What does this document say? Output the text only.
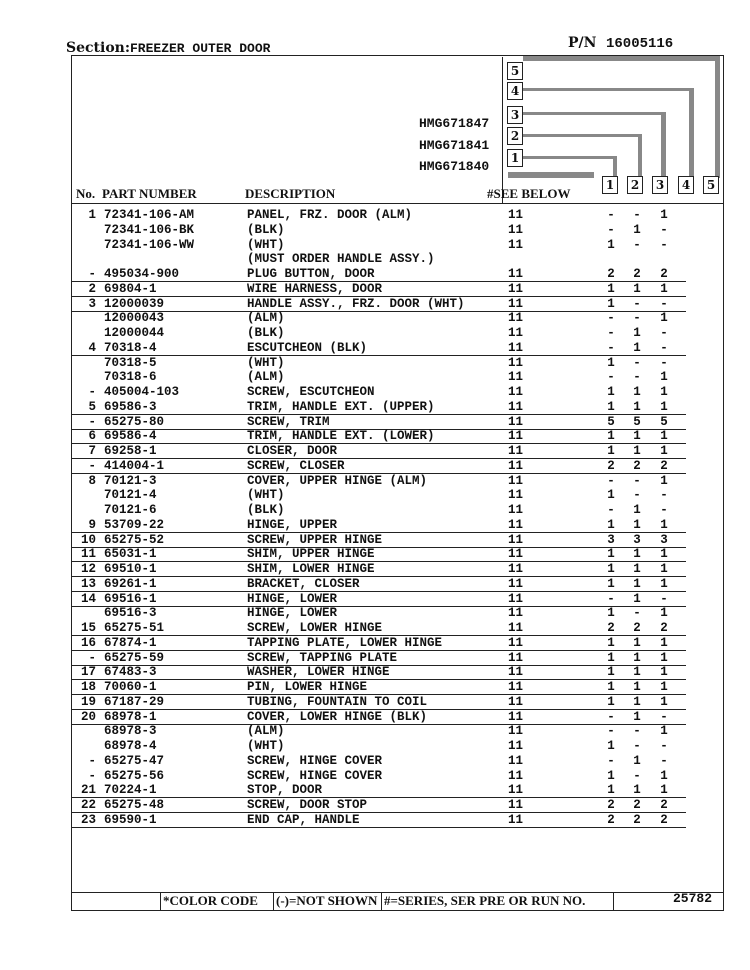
Section: FREEZER OUTER DOOR	P/N 16005116
5
4
3
2
1
HMG671847
HMG671841
HMG671840
No. PART NUMBER	DESCRIPTION	#SEE BELOW
1	2	3	4	5
1 72341-106-AM	PANEL, FRZ. DOOR (ALM)	11	- - 1
72341-106-BK	(BLK)	11	- 1 -
72341-106-WW	(WHT)	11	1 - -
(MUST ORDER HANDLE ASSY.)
- 495034-900	PLUG BUTTON, DOOR	11	2 2 2
2 69804-1	WIRE HARNESS, DOOR	11	1 1 1
3 12000039	HANDLE ASSY., FRZ. DOOR (WHT)	11	1 - -
12000043	(ALM)	11	- - 1
12000044	(BLK)	11	- 1 -
4 70318-4	ESCUTCHEON (BLK)	11	- 1 -
70318-5	(WHT)	11	1 - -
70318-6	(ALM)	11	- - 1
- 405004-103	SCREW, ESCUTCHEON	11	1 1 1
5 69586-3	TRIM, HANDLE EXT. (UPPER)	11	1 1 1
- 65275-80	SCREW, TRIM	11	5 5 5
6 69586-4	TRIM, HANDLE EXT. (LOWER)	11	1 1 1
7 69258-1	CLOSER, DOOR	11	1 1 1
- 414004-1	SCREW, CLOSER	11	2 2 2
8 70121-3	COVER, UPPER HINGE (ALM)	11	- - 1
70121-4	(WHT)	11	1 - -
70121-6	(BLK)	11	- 1 -
9 53709-22	HINGE, UPPER	11	1 1 1
10 65275-52	SCREW, UPPER HINGE	11	3 3 3
11 65031-1	SHIM, UPPER HINGE	11	1 1 1
12 69510-1	SHIM, LOWER HINGE	11	1 1 1
13 69261-1	BRACKET, CLOSER	11	1 1 1
14 69516-1	HINGE, LOWER	11	- 1 -
69516-3	HINGE, LOWER	11	1 - 1
15 65275-51	SCREW, LOWER HINGE	11	2 2 2
16 67874-1	TAPPING PLATE, LOWER HINGE	11	1 1 1
- 65275-59	SCREW, TAPPING PLATE	11	1 1 1
17 67483-3	WASHER, LOWER HINGE	11	1 1 1
18 70060-1	PIN, LOWER HINGE	11	1 1 1
19 67187-29	TUBING, FOUNTAIN TO COIL	11	1 1 1
20 68978-1	COVER, LOWER HINGE (BLK)	11	- 1 -
68978-3	(ALM)	11	- - 1
68978-4	(WHT)	11	1 - -
- 65275-47	SCREW, HINGE COVER	11	- 1 -
- 65275-56	SCREW, HINGE COVER	11	1 - 1
21 70224-1	STOP, DOOR	11	1 1 1
22 65275-48	SCREW, DOOR STOP	11	2 2 2
23 69590-1	END CAP, HANDLE	11	2 2 2
*COLOR CODE (-)=NOT SHOWN #=SERIES, SER PRE OR RUN NO.	25782
